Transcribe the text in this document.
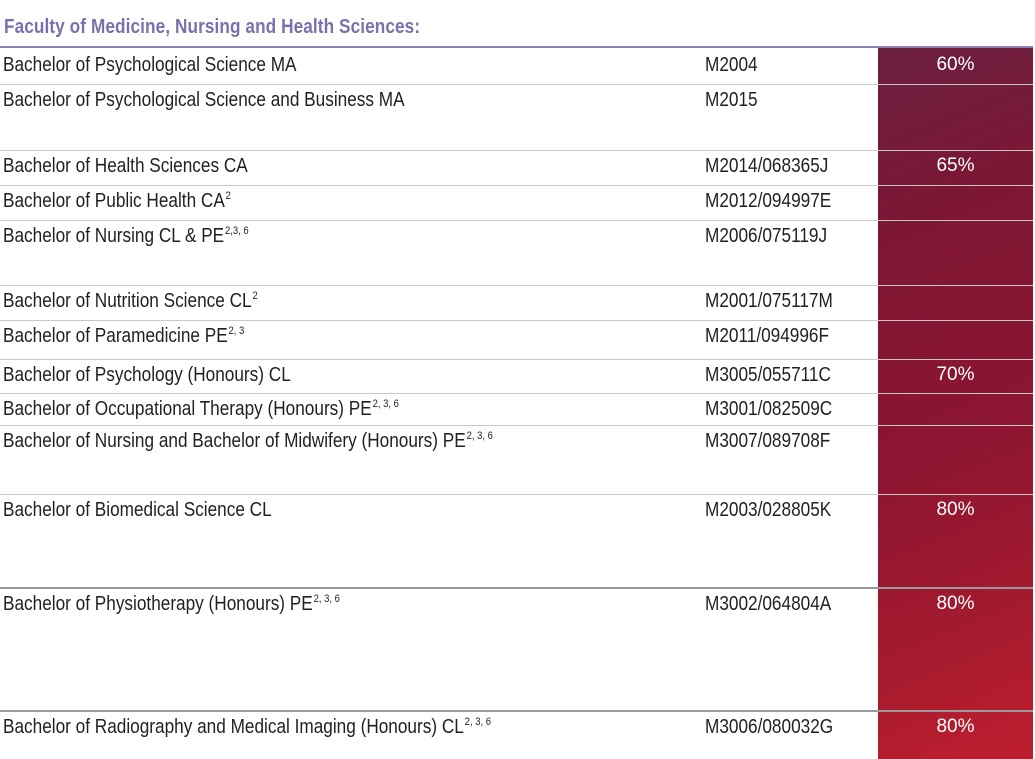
Faculty of Medicine, Nursing and Health Sciences:
Bachelor of Psychological Science MA	M2004	60%
Bachelor of Psychological Science and Business MA	M2015
Bachelor of Health Sciences CA	M2014/068365J	65%
Bachelor of Public Health $CA^2$	M2012/094997E
Bachelor of Nursing CL & PE$^{2,3, 6}$	M2006/075119J
Bachelor of Nutrition Science $CL^2$	M2001/075117M
Bachelor of Paramedicine PE$^{2, 3}$	M2011/094996F
Bachelor of Psychology (Honours) CL	M3005/055711C	70%
Bachelor of Occupational Therapy (Honours) PE$^{2, 3, 6}$	M3001/082509C
Bachelor of Nursing and Bachelor of Midwifery (Honours) PE$^{2, 3, 6}$	M3007/089708F
Bachelor of Biomedical Science CL	M2003/028805K	80%
Bachelor of Physiotherapy (Honours) PE$^{2, 3, 6}$	M3002/064804A	80%
Bachelor of Radiography and Medical Imaging (Honours) CL$^{2, 3, 6}$	M3006/080032G	80%
